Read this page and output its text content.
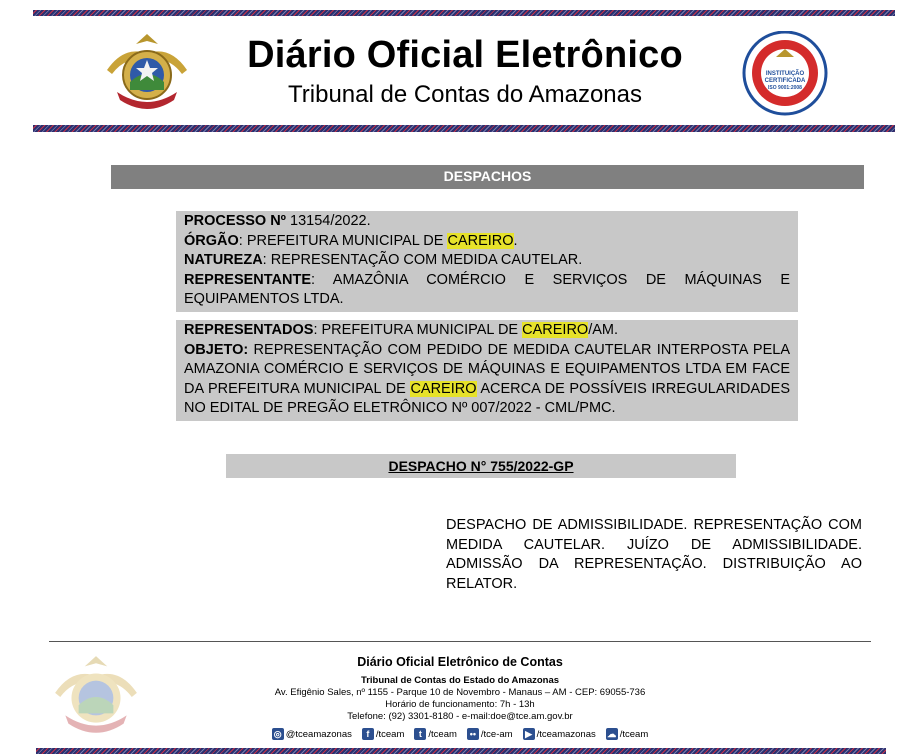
Diário Oficial Eletrônico
Tribunal de Contas do Amazonas
INSTITUIÇÃO
CERTIFICADA
ISO 9001:2008
DESPACHOS

PROCESSO Nº 13154/2022.

ÓRGÃO: PREFEITURA MUNICIPAL DE CAREIRO.

NATUREZA: REPRESENTAÇÃO COM MEDIDA CAUTELAR.

REPRESENTANTE: AMAZÔNIA COMÉRCIO E SERVIÇOS DE MÁQUINAS E EQUIPAMENTOS LTDA.

REPRESENTADOS: PREFEITURA MUNICIPAL DE CAREIRO/AM.

OBJETO: REPRESENTAÇÃO COM PEDIDO DE MEDIDA CAUTELAR INTERPOSTA PELA AMAZONIA COMÉRCIO E SERVIÇOS DE MÁQUINAS E EQUIPAMENTOS LTDA EM FACE DA PREFEITURA MUNICIPAL DE CAREIRO ACERCA DE POSSÍVEIS IRREGULARIDADES NO EDITAL DE PREGÃO ELETRÔNICO Nº 007/2022 - CML/PMC.

DESPACHO N° 755/2022-GP
DESPACHO DE ADMISSIBILIDADE. REPRESENTAÇÃO COM MEDIDA CAUTELAR. JUÍZO DE ADMISSIBILIDADE. ADMISSÃO DA REPRESENTAÇÃO. DISTRIBUIÇÃO AO RELATOR.
Diário Oficial Eletrônico de Contas
Tribunal de Contas do Estado do Amazonas
Av. Efigênio Sales, nº 1155 - Parque 10 de Novembro - Manaus – AM - CEP: 69055-736
Horário de funcionamento: 7h - 13h
Telefone: (92) 3301-8180 - e-mail:doe@tce.am.gov.br
◎ @tceamazonas	f /tceam	t /tceam	•• /tce-am ▶ /tceamazonas ☁ /tceam
